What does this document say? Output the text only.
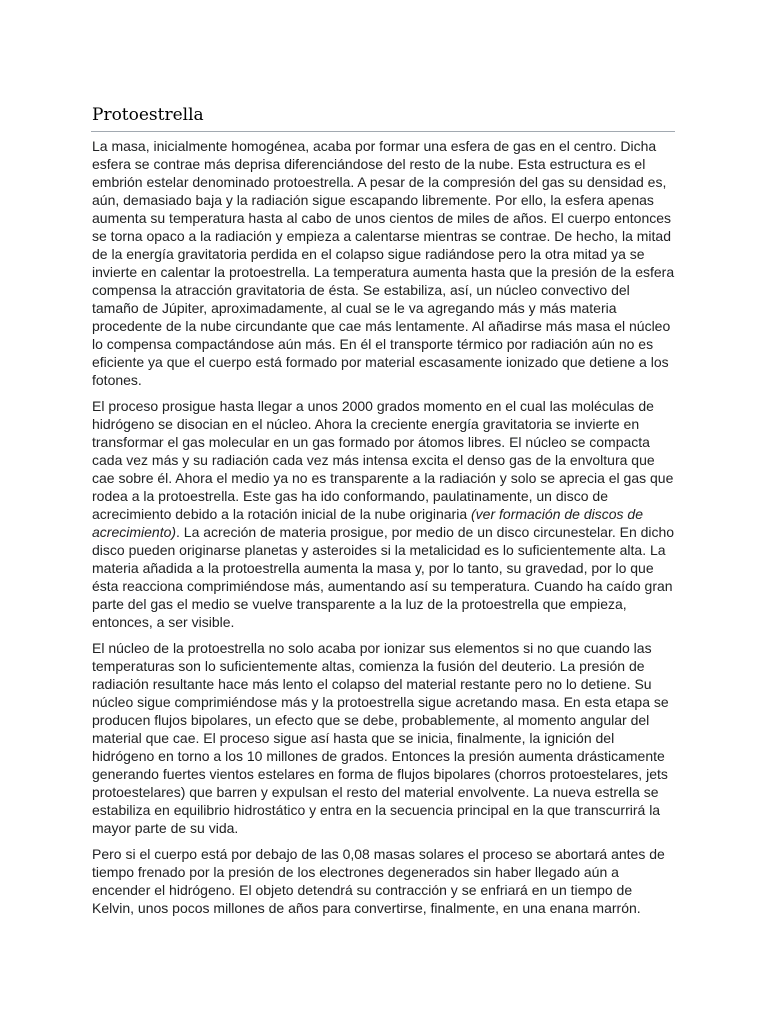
Protoestrella

La masa, inicialmente homogénea, acaba por formar una esfera de gas en el centro. Dicha esfera se contrae más deprisa diferenciándose del resto de la nube. Esta estructura es el embrión estelar denominado protoestrella. A pesar de la compresión del gas su densidad es, aún, demasiado baja y la radiación sigue escapando libremente. Por ello, la esfera apenas aumenta su temperatura hasta al cabo de unos cientos de miles de años. El cuerpo entonces se torna opaco a la radiación y empieza a calentarse mientras se contrae. De hecho, la mitad de la energía gravitatoria perdida en el colapso sigue radiándose pero la otra mitad ya se invierte en calentar la protoestrella. La temperatura aumenta hasta que la presión de la esfera compensa la atracción gravitatoria de ésta. Se estabiliza, así, un núcleo convectivo del tamaño de Júpiter, aproximadamente, al cual se le va agregando más y más materia procedente de la nube circundante que cae más lentamente. Al añadirse más masa el núcleo lo compensa compactándose aún más. En él el transporte térmico por radiación aún no es eficiente ya que el cuerpo está formado por material escasamente ionizado que detiene a los fotones.

El proceso prosigue hasta llegar a unos 2000 grados momento en el cual las moléculas de hidrógeno se disocian en el núcleo. Ahora la creciente energía gravitatoria se invierte en transformar el gas molecular en un gas formado por átomos libres. El núcleo se compacta cada vez más y su radiación cada vez más intensa excita el denso gas de la envoltura que cae sobre él. Ahora el medio ya no es transparente a la radiación y solo se aprecia el gas que rodea a la protoestrella. Este gas ha ido conformando, paulatinamente, un disco de acrecimiento debido a la rotación inicial de la nube originaria (ver formación de discos de acrecimiento). La acreción de materia prosigue, por medio de un disco circunestelar. En dicho disco pueden originarse planetas y asteroides si la metalicidad es lo suficientemente alta. La materia añadida a la protoestrella aumenta la masa y, por lo tanto, su gravedad, por lo que ésta reacciona comprimiéndose más, aumentando así su temperatura. Cuando ha caído gran parte del gas el medio se vuelve transparente a la luz de la protoestrella que empieza, entonces, a ser visible.

El núcleo de la protoestrella no solo acaba por ionizar sus elementos si no que cuando las temperaturas son lo suficientemente altas, comienza la fusión del deuterio. La presión de radiación resultante hace más lento el colapso del material restante pero no lo detiene. Su núcleo sigue comprimiéndose más y la protoestrella sigue acretando masa. En esta etapa se producen flujos bipolares, un efecto que se debe, probablemente, al momento angular del material que cae. El proceso sigue así hasta que se inicia, finalmente, la ignición del hidrógeno en torno a los 10 millones de grados. Entonces la presión aumenta drásticamente generando fuertes vientos estelares en forma de flujos bipolares (chorros protoestelares, jets protoestelares) que barren y expulsan el resto del material envolvente. La nueva estrella se estabiliza en equilibrio hidrostático y entra en la secuencia principal en la que transcurrirá la mayor parte de su vida.

Pero si el cuerpo está por debajo de las 0,08 masas solares el proceso se abortará antes de tiempo frenado por la presión de los electrones degenerados sin haber llegado aún a encender el hidrógeno. El objeto detendrá su contracción y se enfriará en un tiempo de Kelvin, unos pocos millones de años para convertirse, finalmente, en una enana marrón.
